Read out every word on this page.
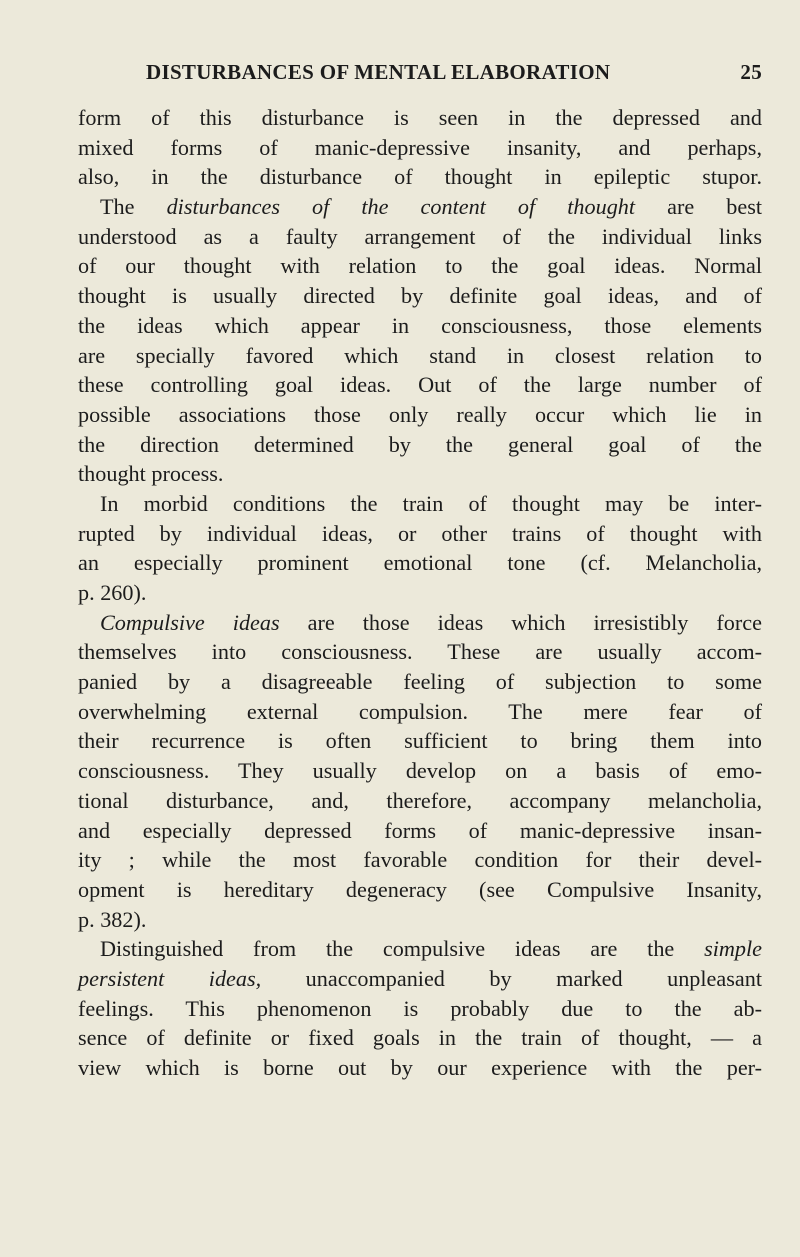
DISTURBANCES OF MENTAL ELABORATION	25
form of this disturbance is seen in the depressed and
mixed forms of manic-depressive insanity, and perhaps,
also, in the disturbance of thought in epileptic stupor.
The disturbances of the content of thought are best
understood as a faulty arrangement of the individual links
of our thought with relation to the goal ideas. Normal
thought is usually directed by definite goal ideas, and of
the ideas which appear in consciousness, those elements
are specially favored which stand in closest relation to
these controlling goal ideas. Out of the large number of
possible associations those only really occur which lie in
the direction determined by the general goal of the
thought process.
In morbid conditions the train of thought may be inter-
rupted by individual ideas, or other trains of thought with
an especially prominent emotional tone (cf. Melancholia,
p. 260).
Compulsive ideas are those ideas which irresistibly force
themselves into consciousness. These are usually accom-
panied by a disagreeable feeling of subjection to some
overwhelming external compulsion. The mere fear of
their recurrence is often sufficient to bring them into
consciousness. They usually develop on a basis of emo-
tional disturbance, and, therefore, accompany melancholia,
and especially depressed forms of manic-depressive insan-
ity ; while the most favorable condition for their devel-
opment is hereditary degeneracy (see Compulsive Insanity,
p. 382).
Distinguished from the compulsive ideas are the simple
persistent ideas, unaccompanied by marked unpleasant
feelings. This phenomenon is probably due to the ab-
sence of definite or fixed goals in the train of thought, — a
view which is borne out by our experience with the per-
